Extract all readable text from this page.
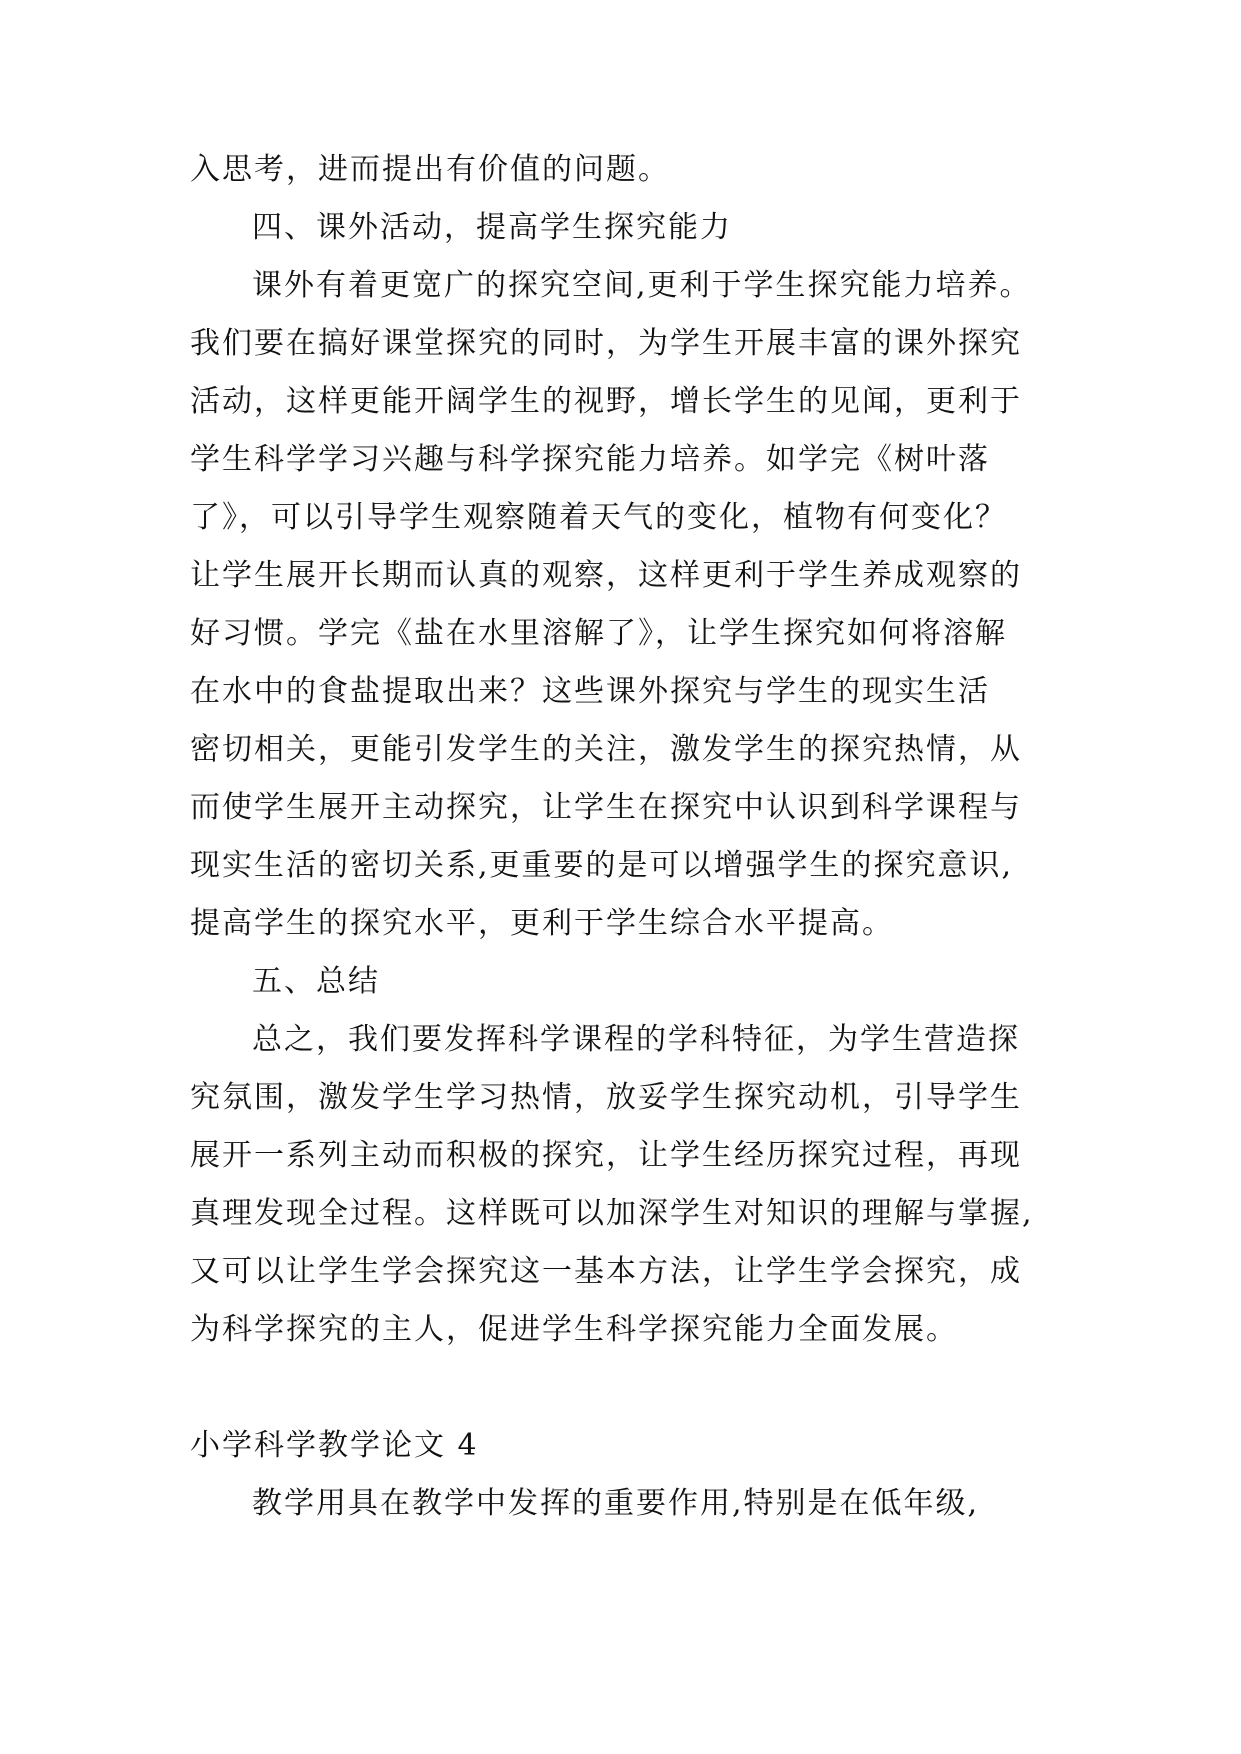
入思考，进而提出有价值的问题。
四、课外活动，提高学生探究能力
课外有着更宽广的探究空间,更利于学生探究能力培养。
我们要在搞好课堂探究的同时，为学生开展丰富的课外探究
活动，这样更能开阔学生的视野，增长学生的见闻，更利于
学生科学学习兴趣与科学探究能力培养。如学完《树叶落
了》，可以引导学生观察随着天气的变化，植物有何变化？
让学生展开长期而认真的观察，这样更利于学生养成观察的
好习惯。学完《盐在水里溶解了》，让学生探究如何将溶解
在水中的食盐提取出来？这些课外探究与学生的现实生活
密切相关，更能引发学生的关注，激发学生的探究热情，从
而使学生展开主动探究，让学生在探究中认识到科学课程与
现实生活的密切关系,更重要的是可以增强学生的探究意识,
提高学生的探究水平，更利于学生综合水平提高。
五、总结
总之，我们要发挥科学课程的学科特征，为学生营造探
究氛围，激发学生学习热情，放妥学生探究动机，引导学生
展开一系列主动而积极的探究，让学生经历探究过程，再现
真理发现全过程。这样既可以加深学生对知识的理解与掌握,
又可以让学生学会探究这一基本方法，让学生学会探究，成
为科学探究的主人，促进学生科学探究能力全面发展。
小学科学教学论文 4
教学用具在教学中发挥的重要作用,特别是在低年级,
